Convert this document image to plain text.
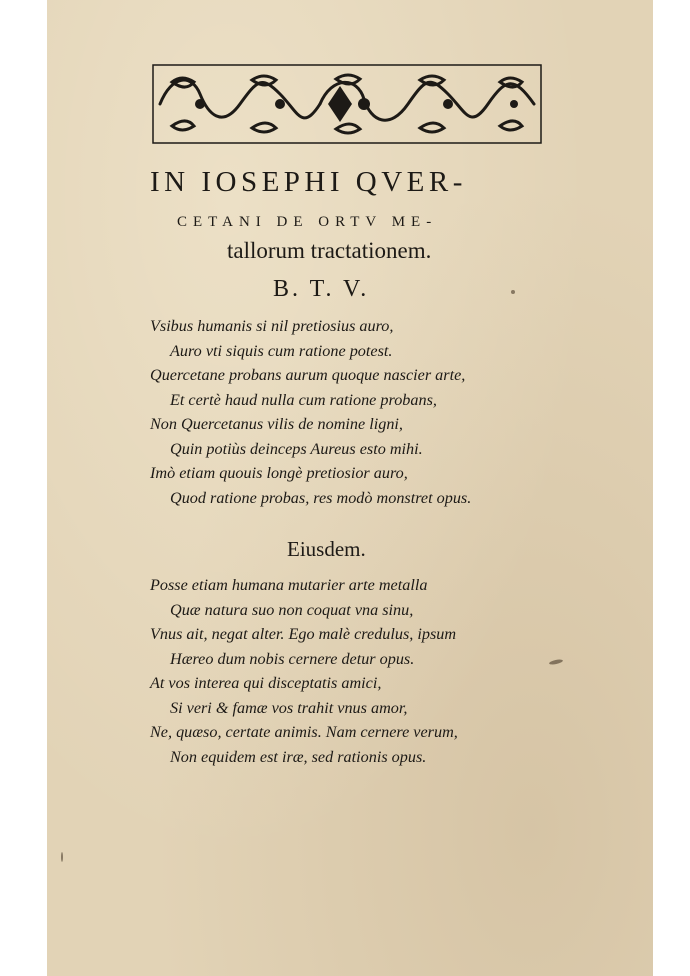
IN IOSEPHI QVER-
CETANI DE ORTV ME-
tallorum tractationem.
B. T. V.
Vsibus humanis si nil pretiosius auro,
Auro vti siquis cum ratione potest.
Quercetane probans aurum quoque nascier arte,
Et certè haud nulla cum ratione probans,
Non Quercetanus vilis de nomine ligni,
Quin potiùs deinceps Aureus esto mihi.
Imò etiam quouis longè pretiosior auro,
Quod ratione probas, res modò monstret opus.
Eiusdem.
Posse etiam humana mutarier arte metalla
Quæ natura suo non coquat vna sinu,
Vnus ait, negat alter. Ego malè credulus, ipsum
Hæreo dum nobis cernere detur opus.
At vos interea qui disceptatis amici,
Si veri & famæ vos trahit vnus amor,
Ne, quæso, certate animis. Nam cernere verum,
Non equidem est iræ, sed rationis opus.
